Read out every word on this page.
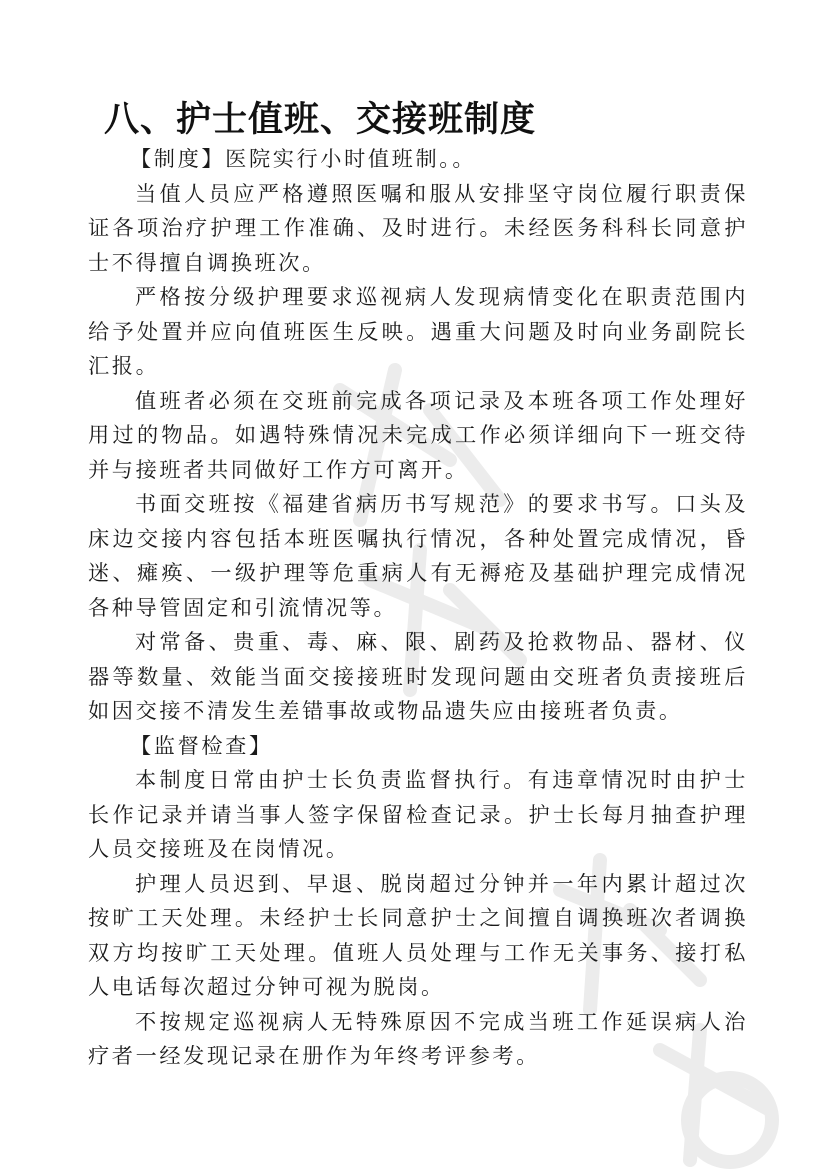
八、护士值班、交接班制度

【制度】医院实行小时值班制。。

当值人员应严格遵照医嘱和服从安排坚守岗位履行职责保证各项治疗护理工作准确、及时进行。未经医务科科长同意护士不得擅自调换班次。

严格按分级护理要求巡视病人发现病情变化在职责范围内给予处置并应向值班医生反映。遇重大问题及时向业务副院长汇报。

值班者必须在交班前完成各项记录及本班各项工作处理好用过的物品。如遇特殊情况未完成工作必须详细向下一班交待并与接班者共同做好工作方可离开。

书面交班按《福建省病历书写规范》的要求书写。口头及床边交接内容包括本班医嘱执行情况，各种处置完成情况，昏迷、瘫痪、一级护理等危重病人有无褥疮及基础护理完成情况各种导管固定和引流情况等。

对常备、贵重、毒、麻、限、剧药及抢救物品、器材、仪器等数量、效能当面交接接班时发现问题由交班者负责接班后如因交接不清发生差错事故或物品遗失应由接班者负责。

【监督检查】

本制度日常由护士长负责监督执行。有违章情况时由护士长作记录并请当事人签字保留检查记录。护士长每月抽查护理人员交接班及在岗情况。

护理人员迟到、早退、脱岗超过分钟并一年内累计超过次按旷工天处理。未经护士长同意护士之间擅自调换班次者调换双方均按旷工天处理。值班人员处理与工作无关事务、接打私人电话每次超过分钟可视为脱岗。

不按规定巡视病人无特殊原因不完成当班工作延误病人治疗者一经发现记录在册作为年终考评参考。
